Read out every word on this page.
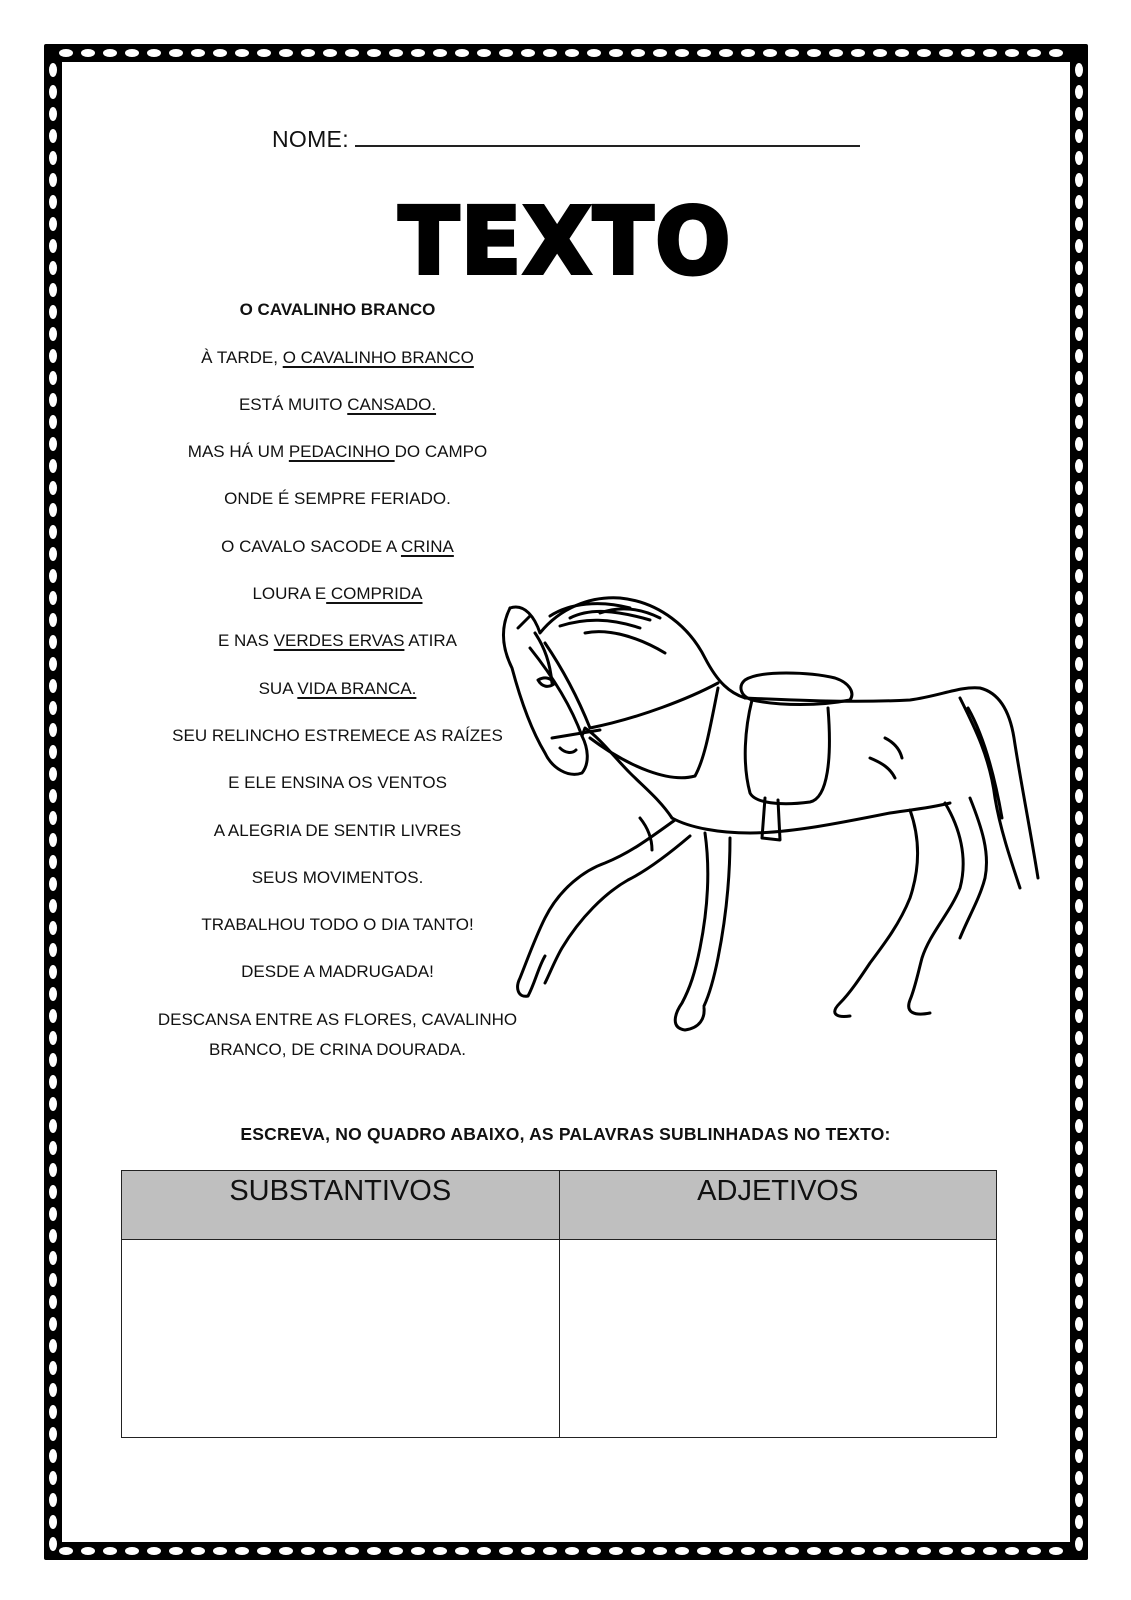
NOME:
TEXTO
O CAVALINHO BRANCO
À TARDE, O CAVALINHO BRANCO
ESTÁ MUITO CANSADO.
MAS HÁ UM PEDACINHO DO CAMPO
ONDE É SEMPRE FERIADO.
O CAVALO SACODE A CRINA
LOURA E COMPRIDA
E NAS VERDES ERVAS ATIRA
SUA VIDA BRANCA.
SEU RELINCHO ESTREMECE AS RAÍZES
E ELE ENSINA OS VENTOS
A ALEGRIA DE SENTIR LIVRES
SEUS MOVIMENTOS.
TRABALHOU TODO O DIA TANTO!
DESDE A MADRUGADA!
DESCANSA ENTRE AS FLORES, CAVALINHO
BRANCO, DE CRINA DOURADA.
ESCREVA, NO QUADRO ABAIXO, AS PALAVRAS SUBLINHADAS NO TEXTO:
SUBSTANTIVOS	ADJETIVOS
